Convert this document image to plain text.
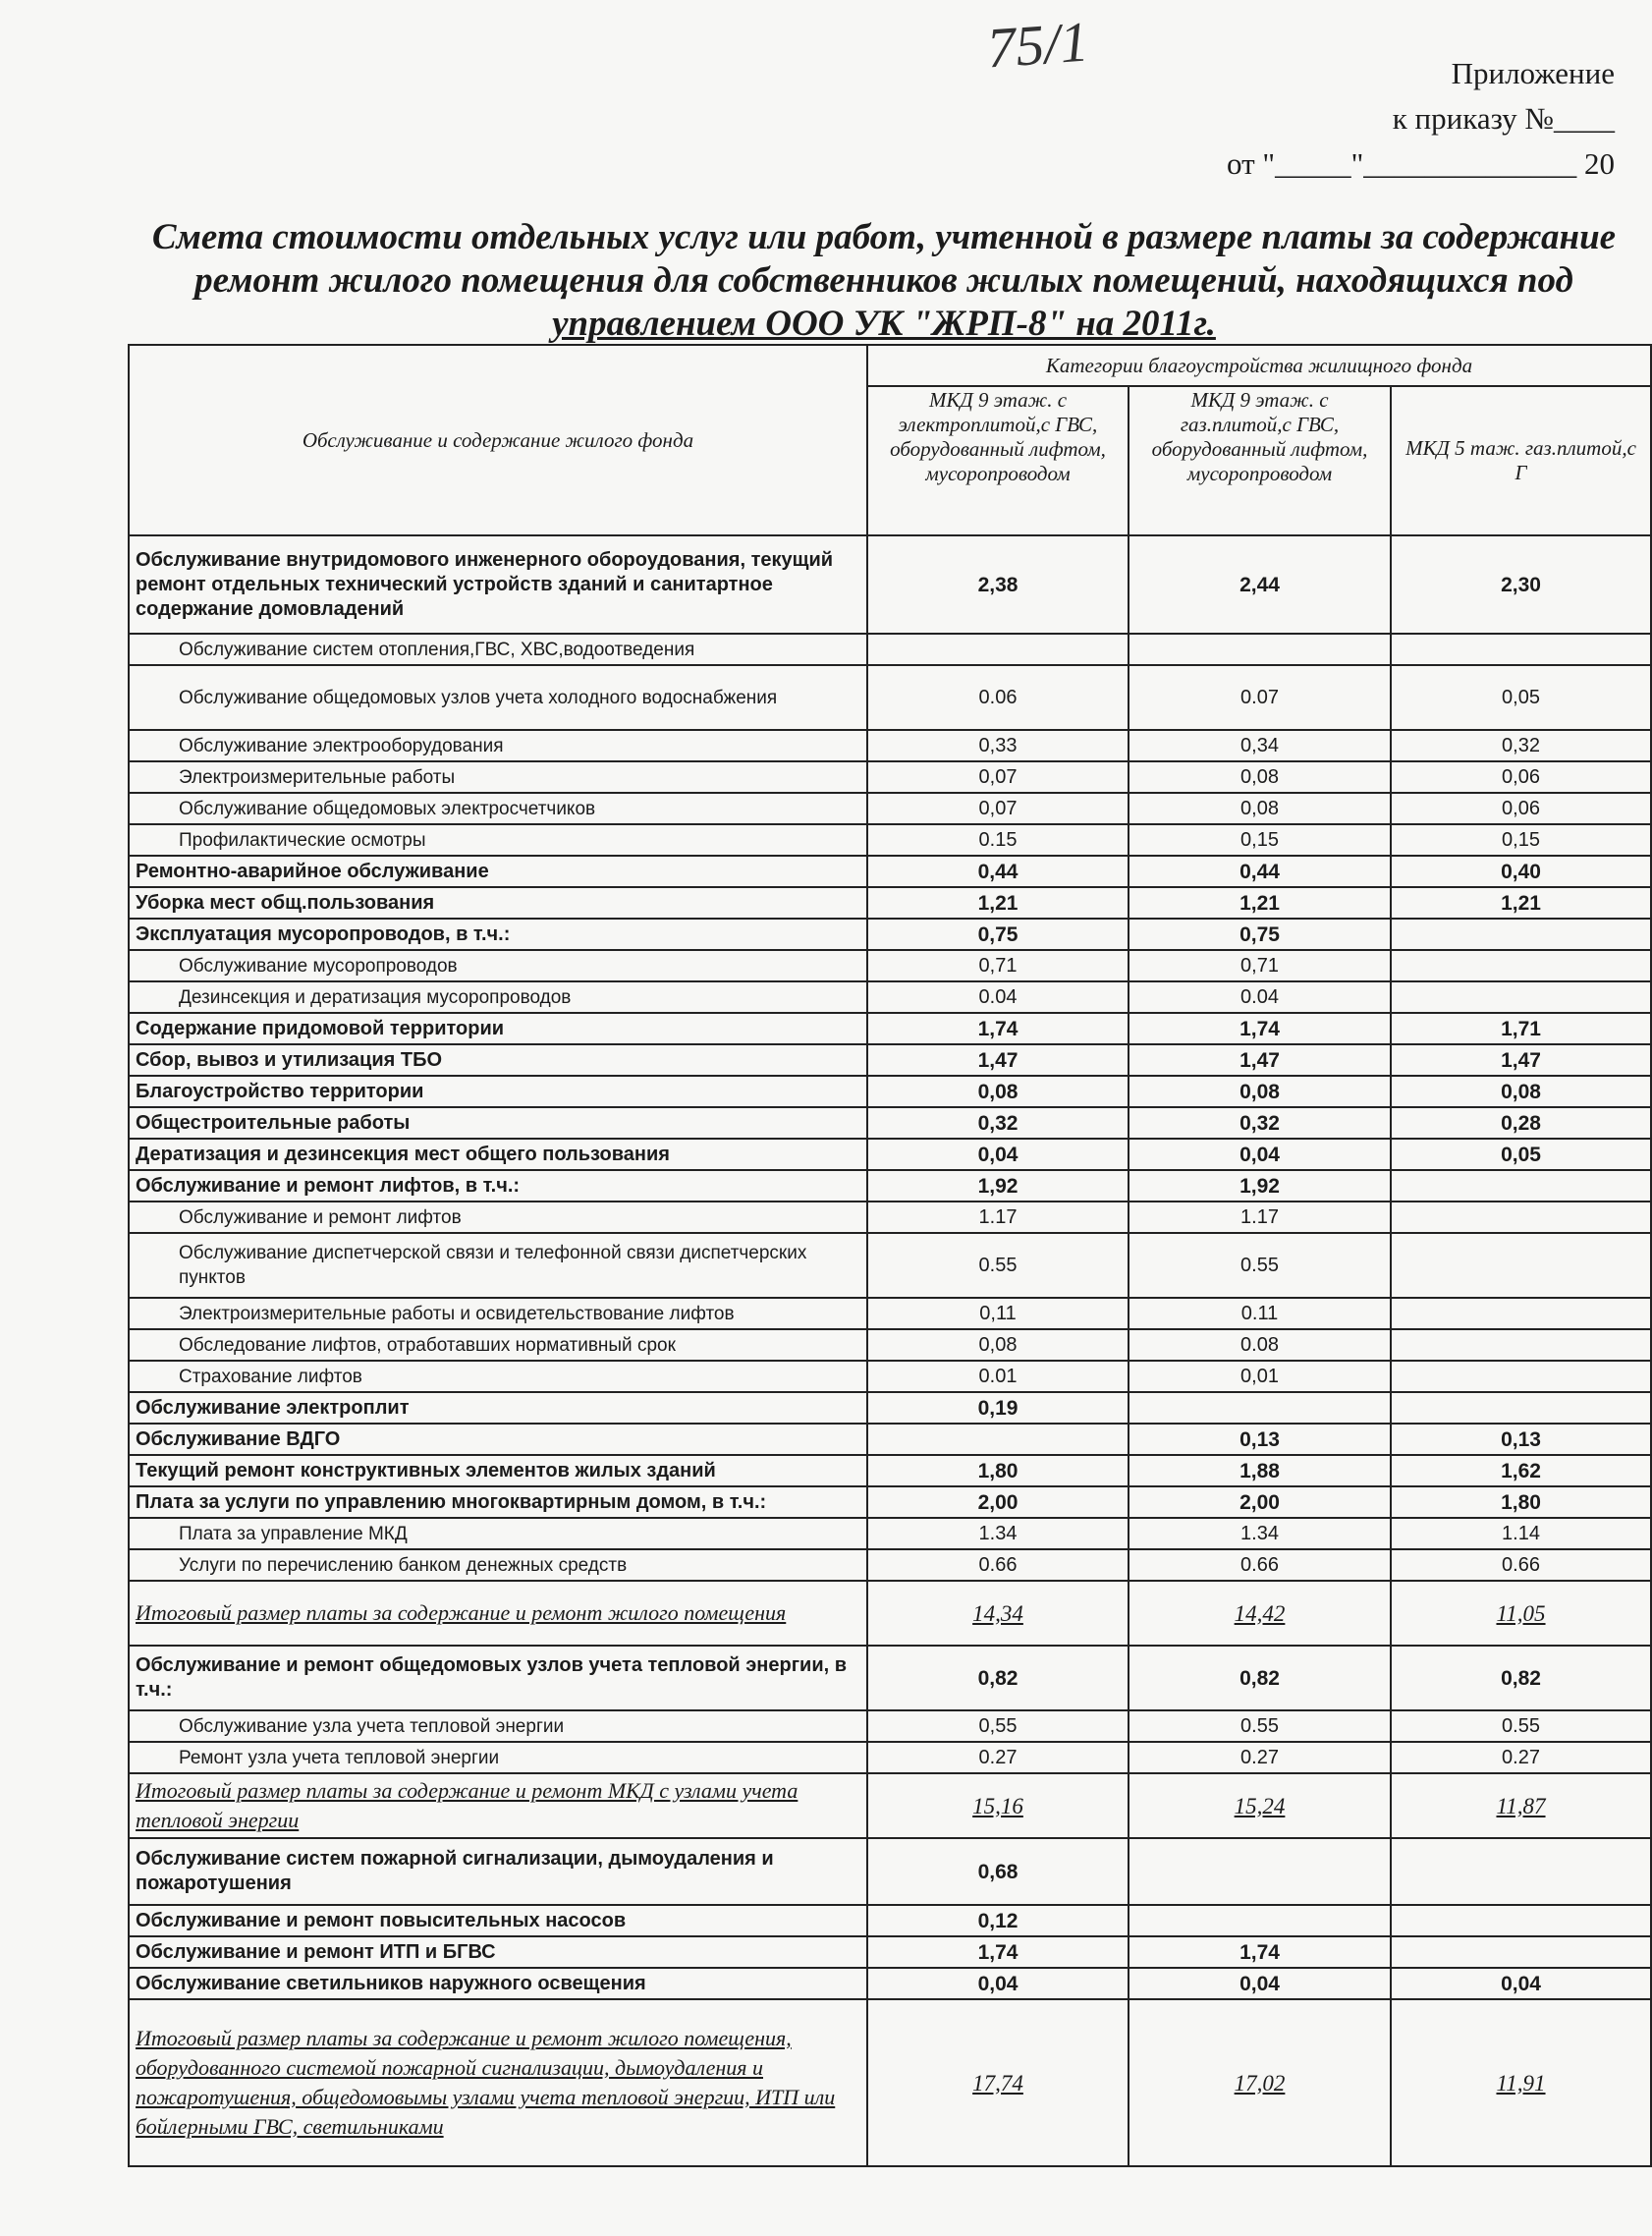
75/1	Приложение
к приказу №____
от "_____"______________ 20
Смета стоимости отдельных услуг или работ, учтенной в размере платы за содержание
ремонт жилого помещения для собственников жилых помещений, находящихся под
управлением ООО УК "ЖРП-8" на 2011г.
Обслуживание и содержание жилого фонда	Категории благоустройства жилищного фонда		
	МКД 9 этаж. с электроплитой,с ГВС, оборудованный лифтом, мусоропроводом	МКД 9 этаж. с газ.плитой,с ГВС, оборудованный лифтом, мусоропроводом	МКД 5 таж. газ.плитой,с Г
Обслуживание внутридомового инженерного обороудования, текущий ремонт отдельных технический устройств зданий и санитартное содержание домовладений	2,38	2,44	2,30
Обслуживание систем отопления,ГВС, ХВС,водоотведения			
Обслуживание общедомовых узлов учета холодного водоснабжения	0.06	0.07	0,05
Обслуживание электрооборудования	0,33	0,34	0,32
Электроизмерительные работы	0,07	0,08	0,06
Обслуживание общедомовых электросчетчиков	0,07	0,08	0,06
Профилактические осмотры	0.15	0,15	0,15
Ремонтно-аварийное обслуживание	0,44	0,44	0,40
Уборка мест общ.пользования	1,21	1,21	1,21
Эксплуатация мусоропроводов, в т.ч.:	0,75	0,75	
Обслуживание мусоропроводов	0,71	0,71	
Дезинсекция и дератизация мусоропроводов	0.04	0.04	
Содержание придомовой территории	1,74	1,74	1,71
Сбор, вывоз и утилизация ТБО	1,47	1,47	1,47
Благоустройство территории	0,08	0,08	0,08
Общестроительные работы	0,32	0,32	0,28
Дератизация и дезинсекция мест общего пользования	0,04	0,04	0,05
Обслуживание и ремонт лифтов, в т.ч.:	1,92	1,92	
Обслуживание и ремонт лифтов	1.17	1.17	
Обслуживание диспетчерской связи и телефонной связи диспетчерских пунктов	0.55	0.55	
Электроизмерительные работы и освидетельствование лифтов	0,11	0.11	
Обследование лифтов, отработавших нормативный срок	0,08	0.08	
Страхование лифтов	0.01	0,01	
Обслуживание электроплит	0,19		
Обслуживание ВДГО		0,13	0,13
Текущий ремонт конструктивных элементов жилых зданий	1,80	1,88	1,62
Плата за услуги по управлению многоквартирным домом, в т.ч.:	2,00	2,00	1,80
Плата за управление МКД	1.34	1.34	1.14
Услуги по перечислению банком денежных средств	0.66	0.66	0.66
Итоговый размер платы за содержание и ремонт жилого помещения	14,34	14,42	11,05
Обслуживание и ремонт общедомовых узлов учета тепловой энергии, в т.ч.:	0,82	0,82	0,82
Обслуживание узла учета тепловой энергии	0,55	0.55	0.55
Ремонт узла учета тепловой энергии	0.27	0.27	0.27
Итоговый размер платы за содержание и ремонт МКД с узлами учета тепловой энергии	15,16	15,24	11,87
Обслуживание систем пожарной сигнализации, дымоудаления и пожаротушения	0,68		
Обслуживание и ремонт повысительных насосов	0,12		
Обслуживание и ремонт ИТП и БГВС	1,74	1,74	
Обслуживание светильников наружного освещения	0,04	0,04	0,04
Итоговый размер платы за содержание и ремонт жилого помещения, оборудованного системой пожарной сигнализации, дымоудаления и пожаротушения, общедомовымы узлами учета тепловой энергии, ИТП или бойлерными ГВС, светильниками	17,74	17,02	11,91
